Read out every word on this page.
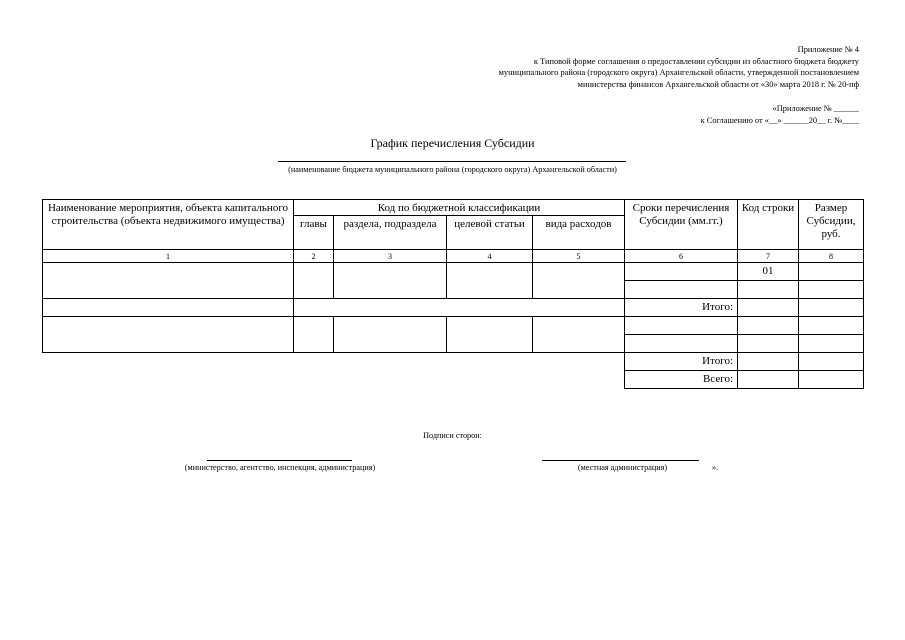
Приложение № 4
к Типовой форме соглашения о предоставлении субсидии из областного бюджета бюджету
муниципального района (городского округа) Архангельской области, утвержденной постановлением
министерства финансов Архангельской области от «30» марта 2018 г. № 20-пф
«Приложение № ______
к Соглашению от «__» ______20__ г. №____
График перечисления Субсидии
(наименование бюджета муниципального района (городского округа) Архангельской области)
Наименование мероприятия, объекта капитального строительства (объекта недвижимого имущества)	Код по бюджетной классификации				Сроки перечисления Субсидии (мм.гг.)	Код строки	Размер Субсидии, руб.
	главы	раздела, подраздела	целевой статьи	вида расходов			
1	2	3	4	5	6	7	8
						01	

					Итого:		

					Итого:		
					Всего:		
Подписи сторон:
(министерство, агентство, инспекция, администрация)	(местная администрация)	».
